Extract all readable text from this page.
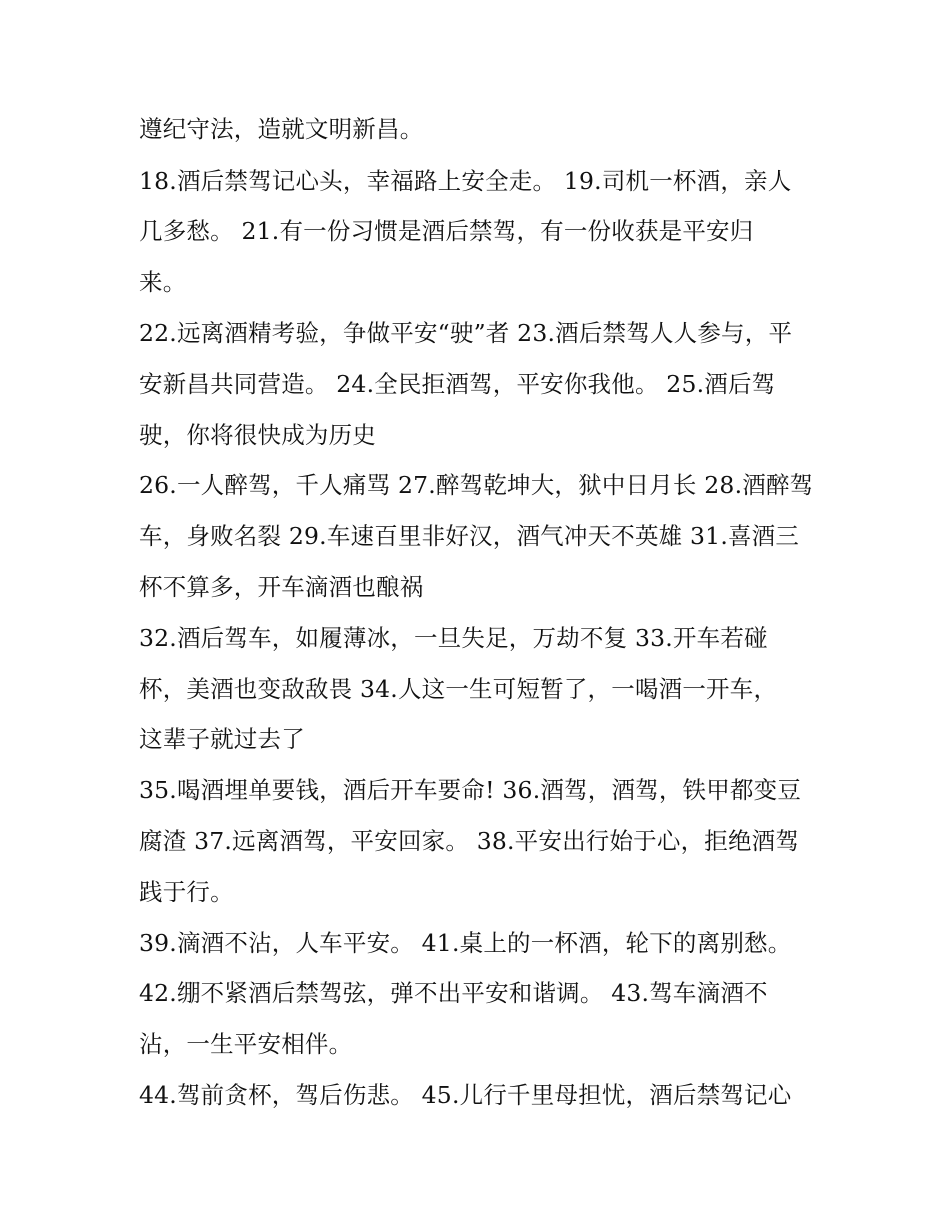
遵纪守法，造就文明新昌。
18.酒后禁驾记心头，幸福路上安全走。 19.司机一杯酒，亲人
几多愁。 21.有一份习惯是酒后禁驾，有一份收获是平安归
来。
22.远离酒精考验，争做平安“驶”者 23.酒后禁驾人人参与，平
安新昌共同营造。 24.全民拒酒驾，平安你我他。 25.酒后驾
驶，你将很快成为历史
26.一人醉驾，千人痛骂 27.醉驾乾坤大，狱中日月长 28.酒醉驾
车，身败名裂 29.车速百里非好汉，酒气冲天不英雄 31.喜酒三
杯不算多，开车滴酒也酿祸
32.酒后驾车，如履薄冰，一旦失足，万劫不复 33.开车若碰
杯，美酒也变敌敌畏 34.人这一生可短暂了，一喝酒一开车，
这辈子就过去了
35.喝酒埋单要钱，酒后开车要命! 36.酒驾，酒驾，铁甲都变豆
腐渣 37.远离酒驾，平安回家。 38.平安出行始于心，拒绝酒驾
践于行。
39.滴酒不沾，人车平安。 41.桌上的一杯酒，轮下的离别愁。
42.绷不紧酒后禁驾弦，弹不出平安和谐调。 43.驾车滴酒不
沾，一生平安相伴。
44.驾前贪杯，驾后伤悲。 45.儿行千里母担忧，酒后禁驾记心
